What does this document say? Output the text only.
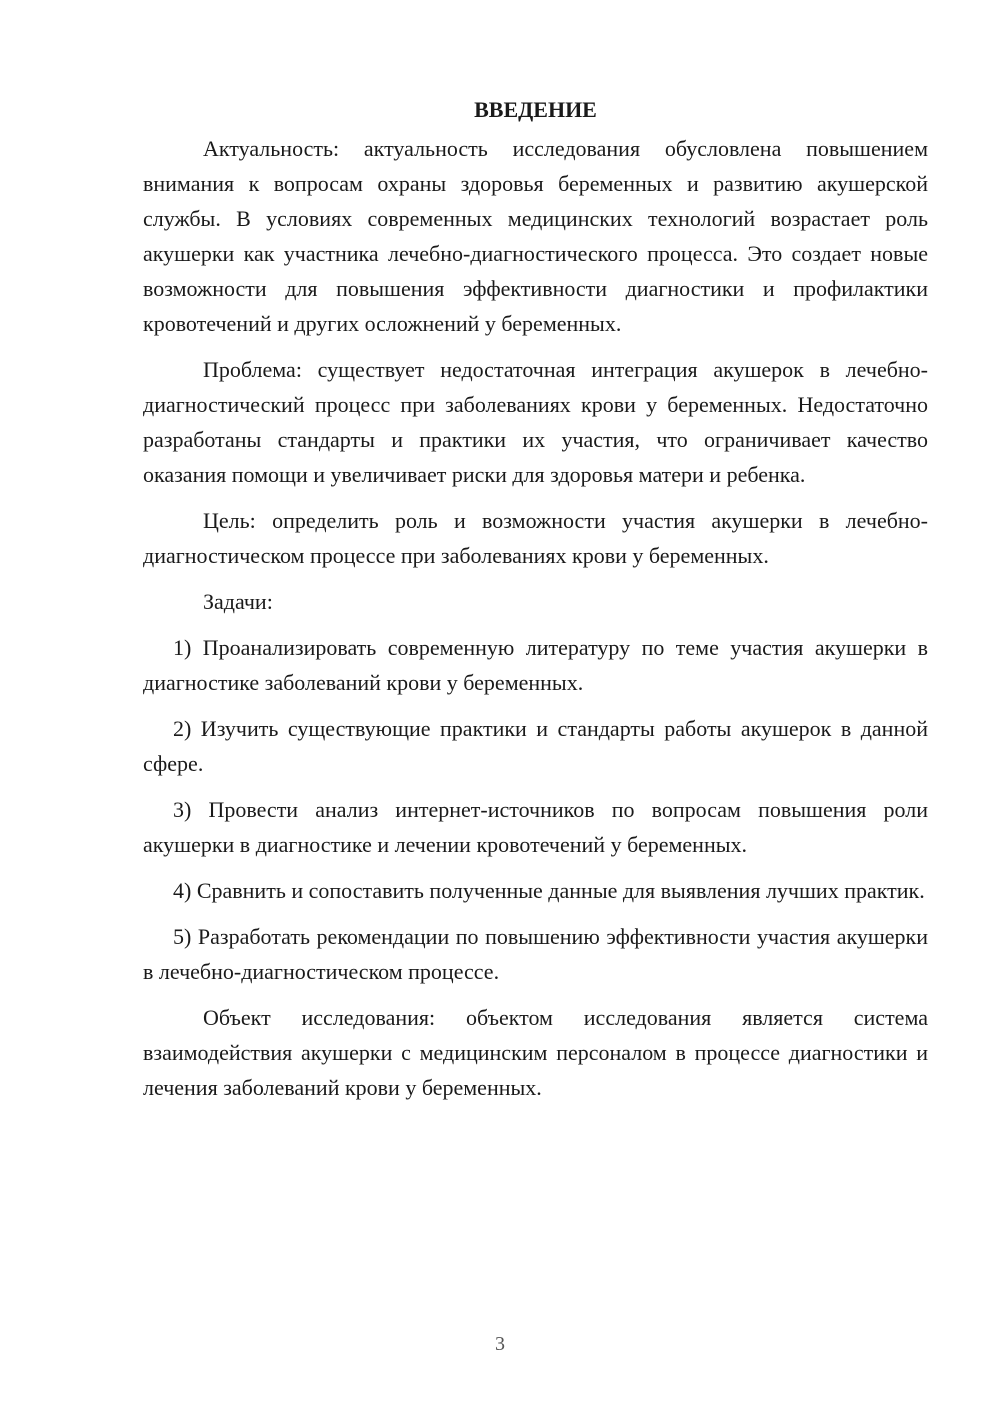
ВВЕДЕНИЕ

Актуальность: актуальность исследования обусловлена повышением внимания к вопросам охраны здоровья беременных и развитию акушерской службы. В условиях современных медицинских технологий возрастает роль акушерки как участника лечебно-диагностического процесса. Это создает новые возможности для повышения эффективности диагностики и профилактики кровотечений и других осложнений у беременных.

Проблема: существует недостаточная интеграция акушерок в лечебно-диагностический процесс при заболеваниях крови у беременных. Недостаточно разработаны стандарты и практики их участия, что ограничивает качество оказания помощи и увеличивает риски для здоровья матери и ребенка.

Цель: определить роль и возможности участия акушерки в лечебно-диагностическом процессе при заболеваниях крови у беременных.

Задачи:

1) Проанализировать современную литературу по теме участия акушерки в диагностике заболеваний крови у беременных.

2) Изучить существующие практики и стандарты работы акушерок в данной сфере.

3) Провести анализ интернет-источников по вопросам повышения роли акушерки в диагностике и лечении кровотечений у беременных.

4) Сравнить и сопоставить полученные данные для выявления лучших практик.

5) Разработать рекомендации по повышению эффективности участия акушерки в лечебно-диагностическом процессе.

Объект исследования: объектом исследования является система взаимодействия акушерки с медицинским персоналом в процессе диагностики и лечения заболеваний крови у беременных.

3
